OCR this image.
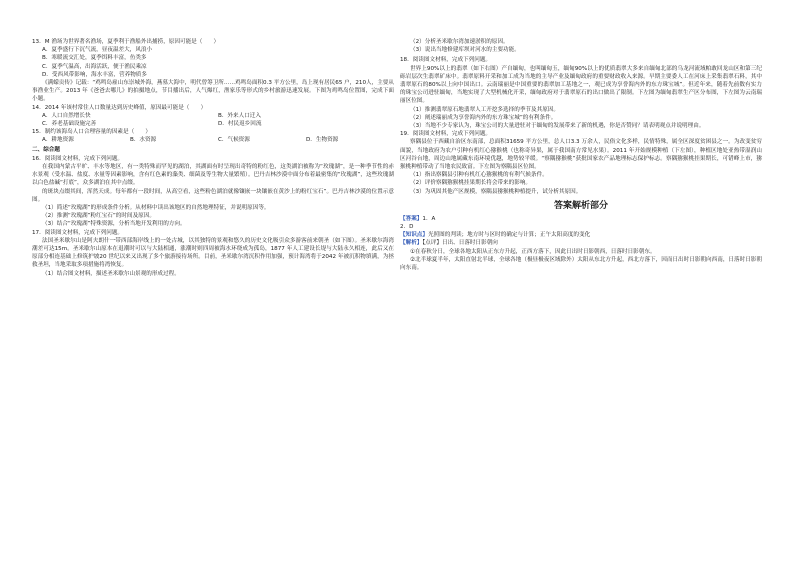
13．M 渔场为世界著名渔场，夏季利于渔船外出捕捞，原因可能是（　　）

A．夏季盛行下沉气流，昼夜温差大，风浪小

B．寒暖流交汇处，夏季饵料丰富，鱼类多

C．夏季气温高，出海活跃，便于渔民乘凉

D．受西风带影响，海水丰富，营养物质多

《满蠓贡传》记载：“鸡鸣岛雇山东崇城外海，燕墓大海中，明代曾筹卫所……鸡鸣岛面积0.3 平方公里，岛上现有居民65 户，210人，主要从事渔业生产。2013 年《爸爸去哪儿》的拍摄地点，节目播出后，人气爆红，渔家乐等形式的乡村旅游迅速发展。下图为鸡鸣岛位置图，完成下面小题。

14．2014 年该村常住人口数量达到历史峰值，原因最可能是（　　）

A．人口自然增长快	B．外来人口迁入

C．养老基础设施完善	D．村民返乡回流

15．制约该海岛人口合理容量的因素是（　　）

A．耕地资源	B．水资源	C．气候资源	D．生物资源

二、综合题

16．阅读图文材料，完成下列问题。

在我国内蒙古平旷、丰水等地区，有一类特殊而罕见的湖泊，其湖面有时呈现出奇特的粉红色，这类湖泊被称为“玫瑰湖”，是一种季节性的赤水景观（受水温、盐度、水量等因素影响，含有红色素的藻类、细菌及等生物大量繁殖）。巴丹吉林沙漠中面分布着最密集的“玫瑰湖”，这些玫瑰湖以白色盐碱“打底”，众多湖泊在其中点缀。

的斑块点缀其间，浑然天成。每年都有一段时间，从高空看，这些粉色湖泊就像镶嵌一块镶嵌在黄沙上的粉红宝石”。巴丹吉林沙漠的位置示意图。

（1）简述“玫瑰湖”的形成条件分析。从材料中读出该地区的自然地理特征，并说明原因等。

（2）推测“玫瑰湖”粉红宝石”的时间及原因。

（3）结合“玫瑰湖”特殊资源，分析当地开发利用的方向。

17．阅读图文材料，完成下列问题。

法国圣米歇尔山是阿夫朗什一带西部海岸线上的一处古城，以其独特的景观和悠久的历史文化吸引众多游客前来朝圣（如下图）。圣米歇尔海湾潮差可达15m。圣米歇尔山原本在退潮时可以与大陆相通，涨潮时则四周被海水环绕成为孤岛，1877 年人工建设长堤与大陆永久相连，此后又在原部分相连基础上修筑护坡20 世纪以来又出现了多个旅游接待场所。目前，圣米歇尔湾沉积作用加强，预计海湾将于2042 年被沉积物填满，为拯救圣坦，当地采取多项措施将湾恢复。

（1）结合图文材料，描述圣米歇尔山景观的形成过程。

（2）分析圣米歇尔湾加速淤积的原因。

（3）说出当地修建库坝对河水的主要功能。

18．阅读图文材料，完成下列问题。

世界上90%以上的翡翠（如下右图）产自缅甸，也叫缅甸玉，缅甸90%以上的优质翡翠大多来自缅甸北部的乌龙河流域帕敢回龙山区和第三纪砾岩层次生翡翠矿床中。翡翠原料开采和加工成为当地的主导产业及缅甸政府的重要财政收入来源。早期主要委人工在河床上采集翡翠石料，其中翡翠原石的80%以上向中国出口。云南瑞丽是中国重要的翡翠加工基地之一，观已成为享誉海内外的东方珠宝城”。但近年来，随着先前数有实力的珠宝公司进驻缅甸，当地实现了大型机械化开采，缅甸政府对于翡翠原石的出口做出了限制。下左图为缅甸翡翠生产区分布图，下左图为云南瑞丽区位图。

（1）推测翡翠原石地翡翠人工开挖多选择的季节及其原因。

（2）阐述瑞丽成为享誉海内外的东方珠宝城”的有利条件。

（3）当地不少专家认为，珠宝公司的大量进驻对于缅甸的发展带来了新的机遇，你是否赞同？请表明观点并说明理由。

19．阅读图文材料，完成下列问题。

察隅县位于西藏自治区东南部，总面积31659 平方公里，总人口3.3 万余人，民俗文化多样，民情特殊，属全区深度贫困县之一。为改变贫穷面貌，当地政府为农户引种有机红心猕猴桃（也称奇异果，属于我国南方常见水果）。2011 年开始规模种植（下左图），种植区地处亚热带湿润山区河谷台地，周边山地属藏东南环境优越，地势较平缓。“察隅猕猴桃”获批国家农产品地理标志保护标志。察隅猕猴桃挂果期长，可错峰上市，猕猴桃种植带动了当地农民致富。下左图为察隅县区位图。

（1）指出察隅县引种有机红心猕猴桃的有利气候条件。

（2）评价察隅猕猴桃挂果期长将会带来的影响。

（3）为巩固其他产区规模，察隅县猕猴桃种植提升，试分析其原因。

答案解析部分

【答案】1．A

2．D

【知识点】光照图的判读；地方时与区时的确定与计算；正午太阳高度的变化

【解析】【点评】日出、日落时日影朝向

①在春秋分日，全球各地太阳从正东方升起，正西方落下，因此日出时日影朝西，日落时日影朝东。

②北半球夏半年，太阳直射北半球，全球各地（极昼极夜区域除外）太阳从东北方升起，西北方落下，因而日出时日影朝向西南，日落时日影朝向东南。
